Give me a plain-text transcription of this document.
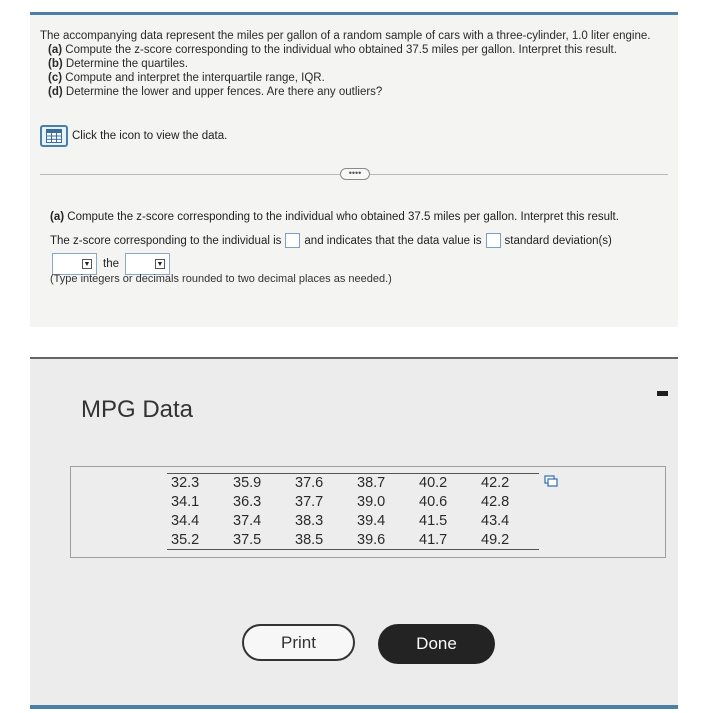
The accompanying data represent the miles per gallon of a random sample of cars with a three-cylinder, 1.0 liter engine.
(a) Compute the z-score corresponding to the individual who obtained 37.5 miles per gallon. Interpret this result.
(b) Determine the quartiles.
(c) Compute and interpret the interquartile range, IQR.
(d) Determine the lower and upper fences. Are there any outliers?
Click the icon to view the data.
••••
(a) Compute the z-score corresponding to the individual who obtained 37.5 miles per gallon. Interpret this result.
The z-score corresponding to the individual is and indicates that the data value is standard deviation(s)
▼ the	▼
(Type integers or decimals rounded to two decimal places as needed.)
MPG Data
32.3	35.9	37.6	38.7	40.2	42.2
34.1	36.3	37.7	39.0	40.6	42.8
34.4	37.4	38.3	39.4	41.5	43.4
35.2	37.5	38.5	39.6	41.7	49.2
Print	Done
